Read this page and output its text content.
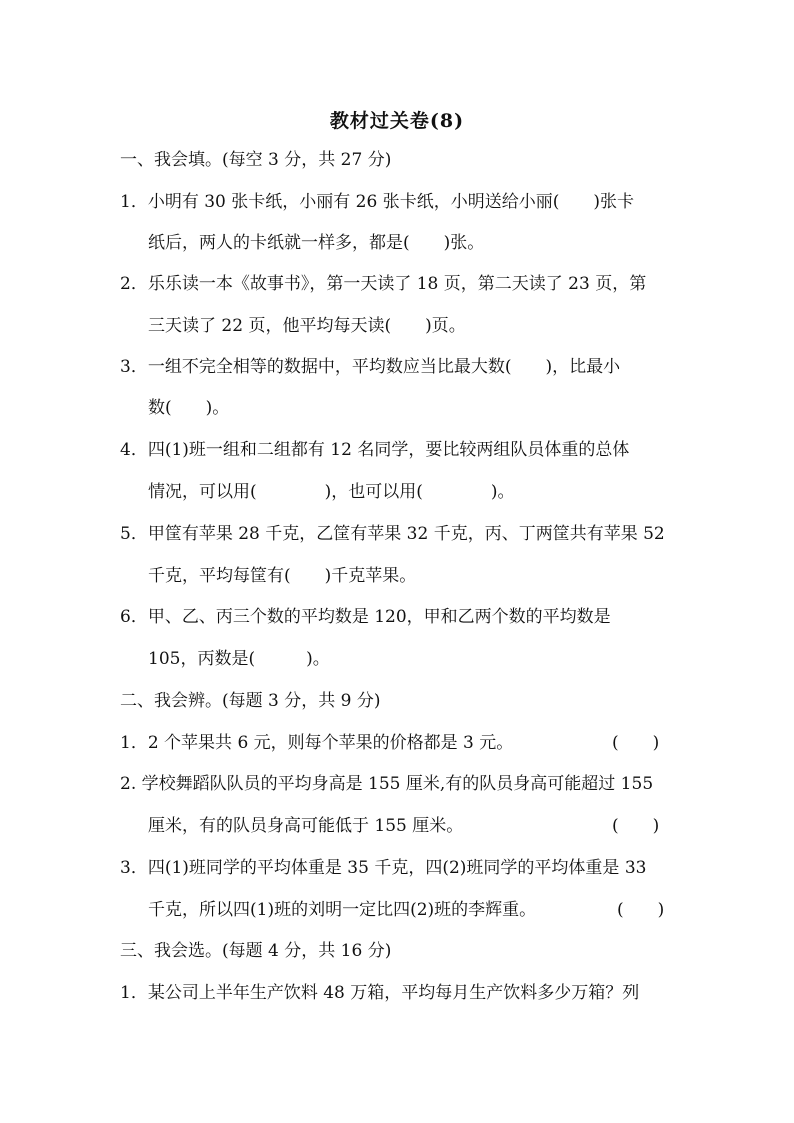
教材过关卷(8)
一、我会填。(每空 3 分，共 27 分)
1．小明有 30 张卡纸，小丽有 26 张卡纸，小明送给小丽(　　)张卡
纸后，两人的卡纸就一样多，都是(　　)张。
2．乐乐读一本《故事书》，第一天读了 18 页，第二天读了 23 页，第
三天读了 22 页，他平均每天读(　　)页。
3．一组不完全相等的数据中，平均数应当比最大数(　　)，比最小
数(　　)。
4．四(1)班一组和二组都有 12 名同学，要比较两组队员体重的总体
情况，可以用(　　　　)，也可以用(　　　　)。
5．甲筐有苹果 28 千克，乙筐有苹果 32 千克，丙、丁两筐共有苹果 52
千克，平均每筐有(　　)千克苹果。
6．甲、乙、丙三个数的平均数是 120，甲和乙两个数的平均数是
105，丙数是(　　　)。
二、我会辨。(每题 3 分，共 9 分)
1．2 个苹果共 6 元，则每个苹果的价格都是 3 元。	(　　)
2. 学校舞蹈队队员的平均身高是 155 厘米,有的队员身高可能超过 155
厘米，有的队员身高可能低于 155 厘米。	(　　)
3．四(1)班同学的平均体重是 35 千克，四(2)班同学的平均体重是 33
千克，所以四(1)班的刘明一定比四(2)班的李辉重。	(　　)
三、我会选。(每题 4 分，共 16 分)
1．某公司上半年生产饮料 48 万箱，平均每月生产饮料多少万箱？列
